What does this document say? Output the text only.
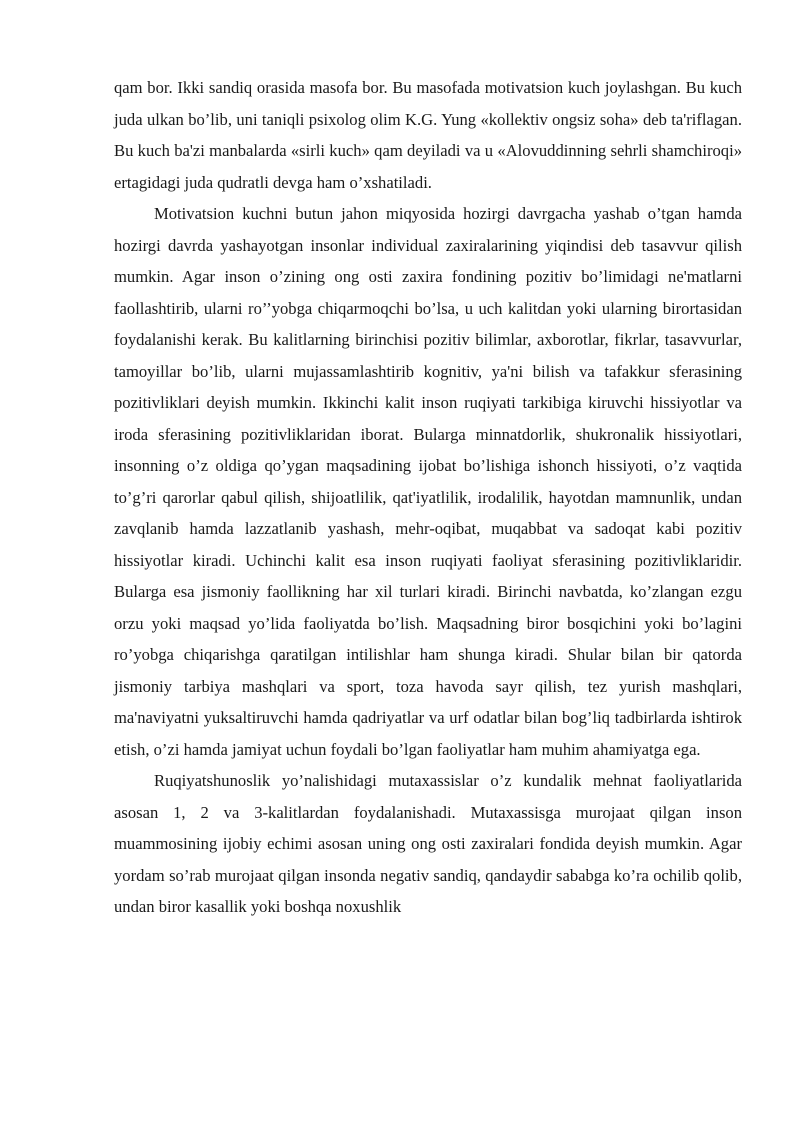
qam bor. Ikki sandiq orasida masofa bor. Bu masofada motivatsion kuch joylashgan. Bu kuch juda ulkan bo’lib, uni taniqli psixolog olim K.G. Yung «kollektiv ongsiz soha» deb ta'riflagan. Bu kuch ba'zi manbalarda «sirli kuch» qam deyiladi va u «Alovuddinning sehrli shamchiroqi» ertagidagi juda qudratli devga ham o’xshatiladi.

Motivatsion kuchni butun jahon miqyosida hozirgi davrgacha yashab o’tgan hamda hozirgi davrda yashayotgan insonlar individual zaxiralarining yiqindisi deb tasavvur qilish mumkin. Agar inson o’zining ong osti zaxira fondining pozitiv bo’limidagi ne'matlarni faollashtirib, ularni ro’’yobga chiqarmoqchi bo’lsa, u uch kalitdan yoki ularning birortasidan foydalanishi kerak. Bu kalitlarning birinchisi pozitiv bilimlar, axborotlar, fikrlar, tasavvurlar, tamoyillar bo’lib, ularni mujassamlashtirib kognitiv, ya'ni bilish va tafakkur sferasining pozitivliklari deyish mumkin. Ikkinchi kalit inson ruqiyati tarkibiga kiruvchi hissiyotlar va iroda sferasining pozitivliklaridan iborat. Bularga minnatdorlik, shukronalik hissiyotlari, insonning o’z oldiga qo’ygan maqsadining ijobat bo’lishiga ishonch hissiyoti, o’z vaqtida to’g’ri qarorlar qabul qilish, shijoatlilik, qat'iyatlilik, irodalilik, hayotdan mamnunlik, undan zavqlanib hamda lazzatlanib yashash, mehr-oqibat, muqabbat va sadoqat kabi pozitiv hissiyotlar kiradi. Uchinchi kalit esa inson ruqiyati faoliyat sferasining pozitivliklaridir. Bularga esa jismoniy faollikning har xil turlari kiradi. Birinchi navbatda, ko’zlangan ezgu orzu yoki maqsad yo’lida faoliyatda bo’lish. Maqsadning biror bosqichini yoki bo’lagini ro’yobga chiqarishga qaratilgan intilishlar ham shunga kiradi. Shular bilan bir qatorda jismoniy tarbiya mashqlari va sport, toza havoda sayr qilish, tez yurish mashqlari, ma'naviyatni yuksaltiruvchi hamda qadriyatlar va urf odatlar bilan bog’liq tadbirlarda ishtirok etish, o’zi hamda jamiyat uchun foydali bo’lgan faoliyatlar ham muhim ahamiyatga ega.

Ruqiyatshunoslik yo’nalishidagi mutaxassislar o’z kundalik mehnat faoliyatlarida asosan 1, 2 va 3-kalitlardan foydalanishadi. Mutaxassisga murojaat qilgan inson muammosining ijobiy echimi asosan uning ong osti zaxiralari fondida deyish mumkin. Agar yordam so’rab murojaat qilgan insonda negativ sandiq, qandaydir sababga ko’ra ochilib qolib, undan biror kasallik yoki boshqa noxushlik
